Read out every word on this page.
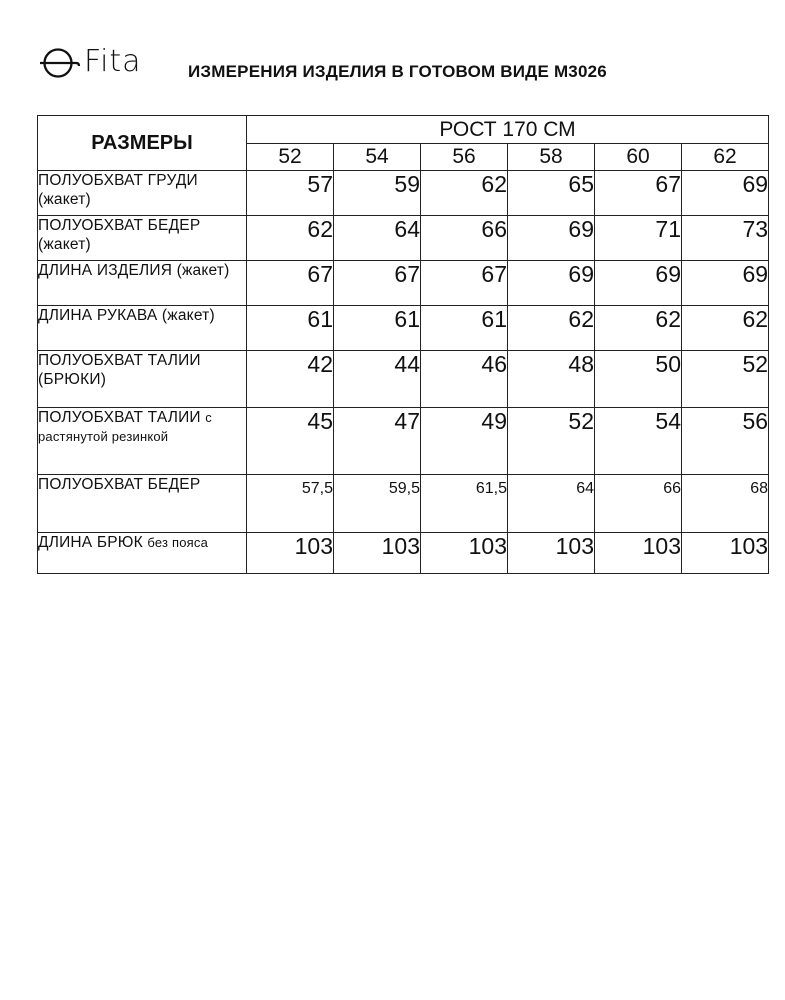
Fita	ИЗМЕРЕНИЯ ИЗДЕЛИЯ В ГОТОВОМ ВИДЕ М3026
РАЗМЕРЫ	РОСТ 170 СМ					
	52	54	56	58	60	62
ПОЛУОБХВАТ ГРУДИ (жакет)	57	59	62	65	67	69
ПОЛУОБХВАТ БЕДЕР (жакет)	62	64	66	69	71	73
ДЛИНА ИЗДЕЛИЯ (жакет)	67	67	67	69	69	69
ДЛИНА РУКАВА (жакет)	61	61	61	62	62	62
ПОЛУОБХВАТ ТАЛИИ (БРЮКИ)	42	44	46	48	50	52
ПОЛУОБХВАТ ТАЛИИ с растянутой резинкой	45	47	49	52	54	56
ПОЛУОБХВАТ БЕДЕР	57,5	59,5	61,5	64	66	68
ДЛИНА БРЮК без пояса	103	103	103	103	103	103
